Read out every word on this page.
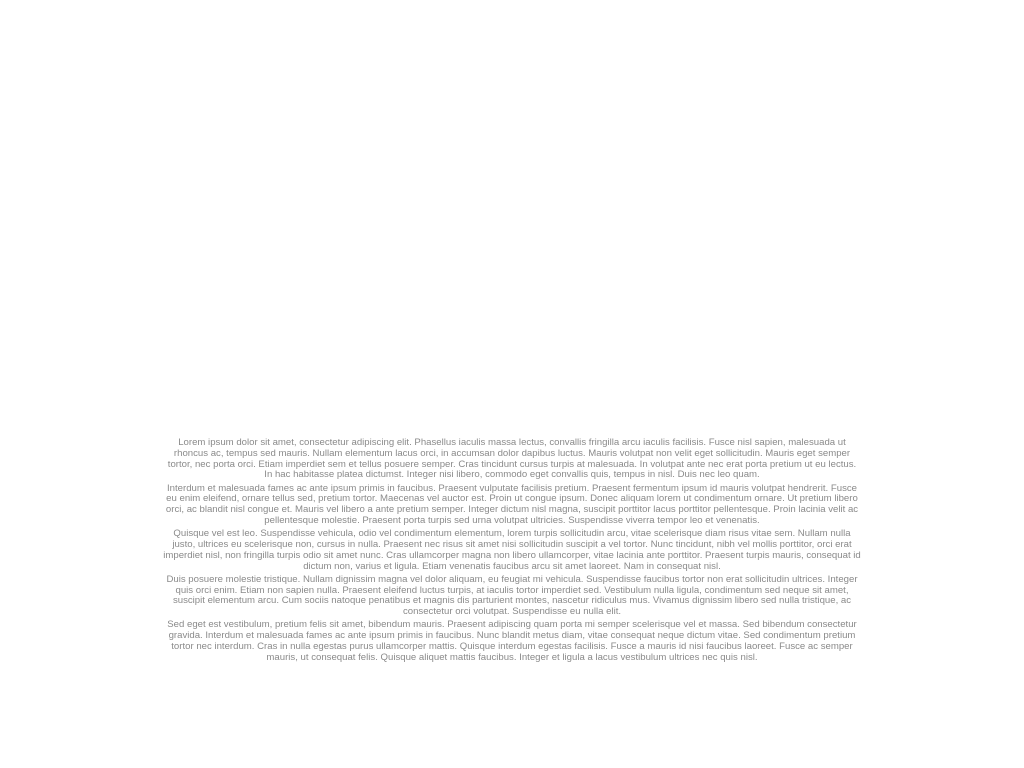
Lorem ipsum dolor sit amet, consectetur adipiscing elit. Phasellus iaculis massa lectus, convallis fringilla arcu iaculis facilisis. Fusce nisl sapien, malesuada ut rhoncus ac, tempus sed mauris. Nullam elementum lacus orci, in accumsan dolor dapibus luctus. Mauris volutpat non velit eget sollicitudin. Mauris eget semper tortor, nec porta orci. Etiam imperdiet sem et tellus posuere semper. Cras tincidunt cursus turpis at malesuada. In volutpat ante nec erat porta pretium ut eu lectus. In hac habitasse platea dictumst. Integer nisi libero, commodo eget convallis quis, tempus in nisl. Duis nec leo quam.

Interdum et malesuada fames ac ante ipsum primis in faucibus. Praesent vulputate facilisis pretium. Praesent fermentum ipsum id mauris volutpat hendrerit. Fusce eu enim eleifend, ornare tellus sed, pretium tortor. Maecenas vel auctor est. Proin ut congue ipsum. Donec aliquam lorem ut condimentum ornare. Ut pretium libero orci, ac blandit nisl congue et. Mauris vel libero a ante pretium semper. Integer dictum nisl magna, suscipit porttitor lacus porttitor pellentesque. Proin lacinia velit ac pellentesque molestie. Praesent porta turpis sed urna volutpat ultricies. Suspendisse viverra tempor leo et venenatis.

Quisque vel est leo. Suspendisse vehicula, odio vel condimentum elementum, lorem turpis sollicitudin arcu, vitae scelerisque diam risus vitae sem. Nullam nulla justo, ultrices eu scelerisque non, cursus in nulla. Praesent nec risus sit amet nisi sollicitudin suscipit a vel tortor. Nunc tincidunt, nibh vel mollis porttitor, orci erat imperdiet nisl, non fringilla turpis odio sit amet nunc. Cras ullamcorper magna non libero ullamcorper, vitae lacinia ante porttitor. Praesent turpis mauris, consequat id dictum non, varius et ligula. Etiam venenatis faucibus arcu sit amet laoreet. Nam in consequat nisl.

Duis posuere molestie tristique. Nullam dignissim magna vel dolor aliquam, eu feugiat mi vehicula. Suspendisse faucibus tortor non erat sollicitudin ultrices. Integer quis orci enim. Etiam non sapien nulla. Praesent eleifend luctus turpis, at iaculis tortor imperdiet sed. Vestibulum nulla ligula, condimentum sed neque sit amet, suscipit elementum arcu. Cum sociis natoque penatibus et magnis dis parturient montes, nascetur ridiculus mus. Vivamus dignissim libero sed nulla tristique, ac consectetur orci volutpat. Suspendisse eu nulla elit.

Sed eget est vestibulum, pretium felis sit amet, bibendum mauris. Praesent adipiscing quam porta mi semper scelerisque vel et massa. Sed bibendum consectetur gravida. Interdum et malesuada fames ac ante ipsum primis in faucibus. Nunc blandit metus diam, vitae consequat neque dictum vitae. Sed condimentum pretium tortor nec interdum. Cras in nulla egestas purus ullamcorper mattis. Quisque interdum egestas facilisis. Fusce a mauris id nisi faucibus laoreet. Fusce ac semper mauris, ut consequat felis. Quisque aliquet mattis faucibus. Integer et ligula a lacus vestibulum ultrices nec quis nisl.
